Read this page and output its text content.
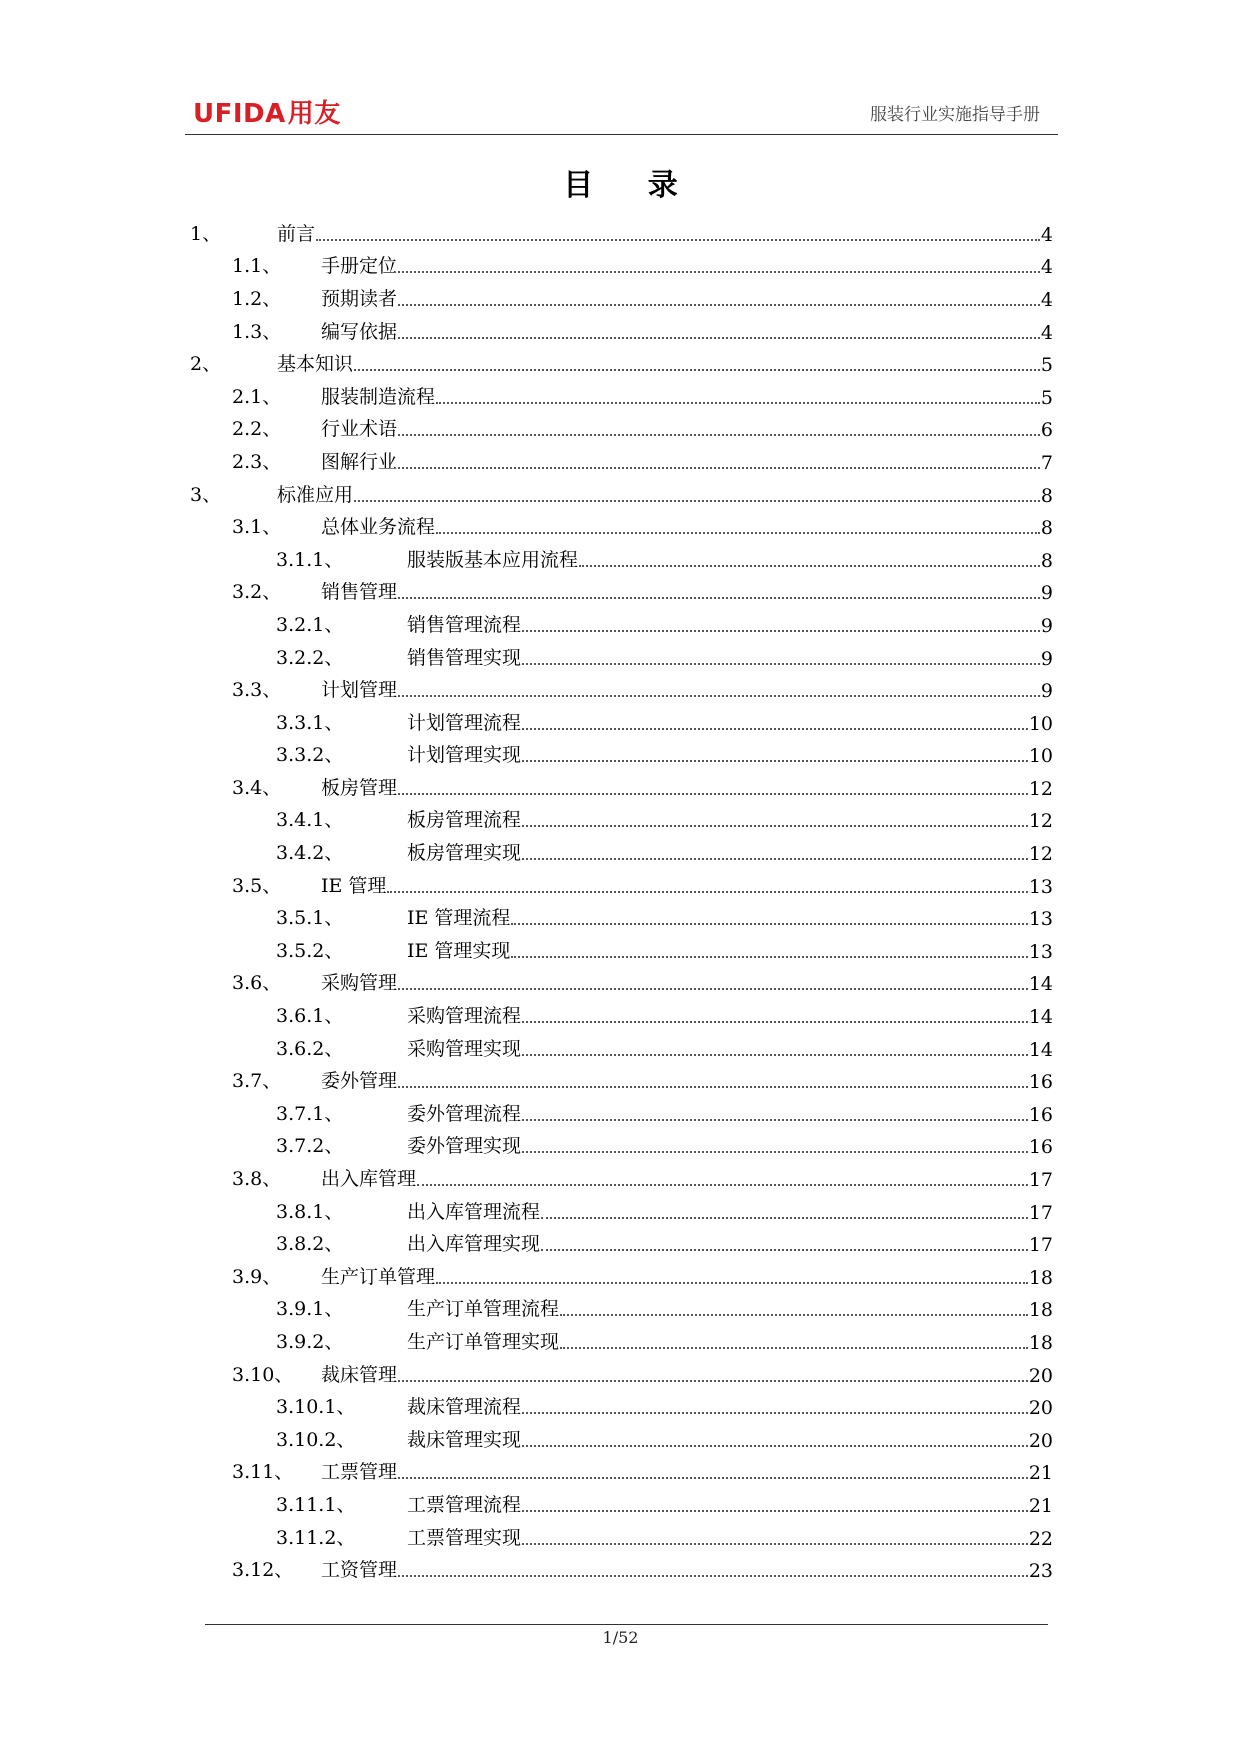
UFIDA用友	服装行业实施指导手册
目 录
1、	前言	4
1.1、 手册定位	4
1.2、 预期读者	4
1.3、 编写依据	4
2、	基本知识	5
2.1、 服装制造流程	5
2.2、 行业术语	6
2.3、 图解行业	7
3、	标准应用	8
3.1、 总体业务流程	8
3.1.1、	服装版基本应用流程	8
3.2、 销售管理	9
3.2.1、	销售管理流程	9
3.2.2、	销售管理实现	9
3.3、 计划管理	9
3.3.1、	计划管理流程	10
3.3.2、	计划管理实现	10
3.4、 板房管理	12
3.4.1、	板房管理流程	12
3.4.2、	板房管理实现	12
3.5、 IE 管理	13
3.5.1、	IE 管理流程	13
3.5.2、	IE 管理实现	13
3.6、 采购管理	14
3.6.1、	采购管理流程	14
3.6.2、	采购管理实现	14
3.7、 委外管理	16
3.7.1、	委外管理流程	16
3.7.2、	委外管理实现	16
3.8、 出入库管理	17
3.8.1、	出入库管理流程	17
3.8.2、	出入库管理实现	17
3.9、 生产订单管理	18
3.9.1、	生产订单管理流程	18
3.9.2、	生产订单管理实现	18
3.10、 裁床管理	20
3.10.1、	裁床管理流程	20
3.10.2、	裁床管理实现	20
3.11、 工票管理	21
3.11.1、	工票管理流程	21
3.11.2、	工票管理实现	22
3.12、 工资管理	23
1/52
